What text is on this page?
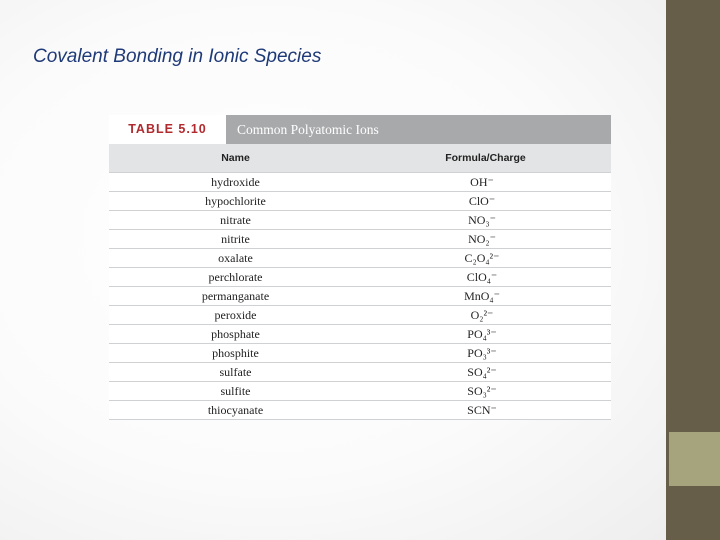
Covalent Bonding in Ionic Species
TABLE 5.10	Common Polyatomic Ions
Name	Formula/Charge
hydroxide	OH⁻
hypochlorite	ClO⁻
nitrate	NO₃⁻
nitrite	NO₂⁻
oxalate	C₂O₄²⁻
perchlorate	ClO₄⁻
permanganate	MnO₄⁻
peroxide	O₂²⁻
phosphate	PO₄³⁻
phosphite	PO₃³⁻
sulfate	SO₄²⁻
sulfite	SO₃²⁻
thiocyanate	SCN⁻
